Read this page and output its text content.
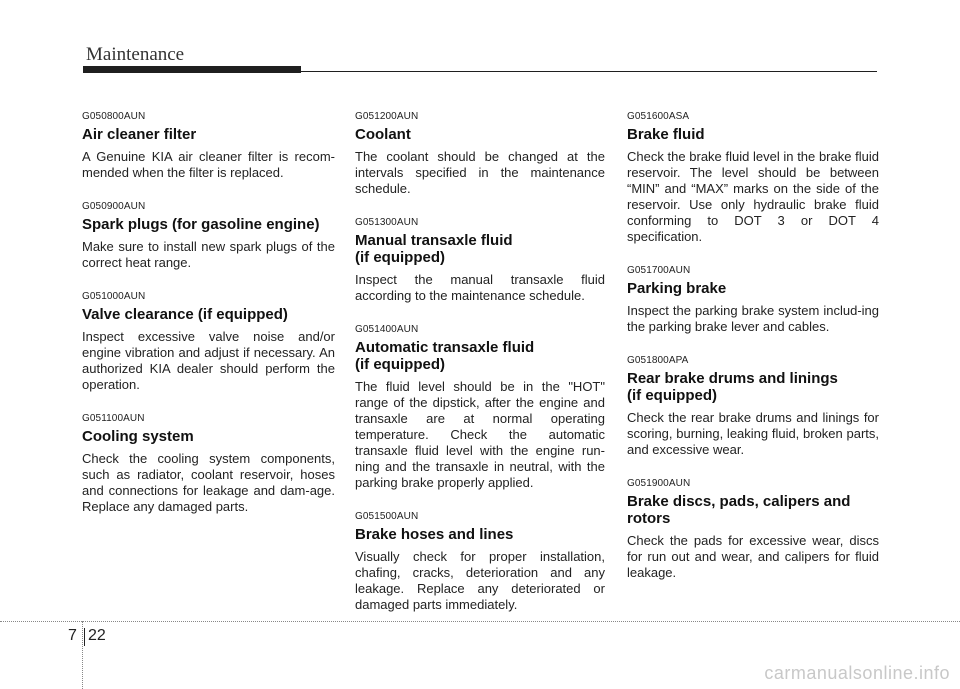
Maintenance

G050800AUN

Air cleaner filter

A Genuine KIA air cleaner filter is recom-mended when the filter is replaced.

G050900AUN

Spark plugs (for gasoline engine)

Make sure to install new spark plugs of the correct heat range.

G051000AUN

Valve clearance (if equipped)

Inspect excessive valve noise and/or engine vibration and adjust if necessary. An authorized KIA dealer should perform the operation.

G051100AUN

Cooling system

Check the cooling system components, such as radiator, coolant reservoir, hoses and connections for leakage and dam-age. Replace any damaged parts.

G051200AUN

Coolant

The coolant should be changed at the intervals specified in the maintenance schedule.

G051300AUN

Manual transaxle fluid
(if equipped)

Inspect the manual transaxle fluid according to the maintenance schedule.

G051400AUN

Automatic transaxle fluid
(if equipped)

The fluid level should be in the "HOT" range of the dipstick, after the engine and transaxle are at normal operating temperature. Check the automatic transaxle fluid level with the engine run-ning and the transaxle in neutral, with the parking brake properly applied.

G051500AUN

Brake hoses and lines

Visually check for proper installation, chafing, cracks, deterioration and any leakage. Replace any deteriorated or damaged parts immediately.

G051600ASA

Brake fluid

Check the brake fluid level in the brake fluid reservoir. The level should be between “MIN” and “MAX” marks on the side of the reservoir. Use only hydraulic brake fluid conforming to DOT 3 or DOT 4 specification.

G051700AUN

Parking brake

Inspect the parking brake system includ-ing the parking brake lever and cables.

G051800APA

Rear brake drums and linings
(if equipped)

Check the rear brake drums and linings for scoring, burning, leaking fluid, broken parts, and excessive wear.

G051900AUN

Brake discs, pads, calipers and
rotors

Check the pads for excessive wear, discs for run out and wear, and calipers for fluid leakage.

7 22
carmanualsonline.info
